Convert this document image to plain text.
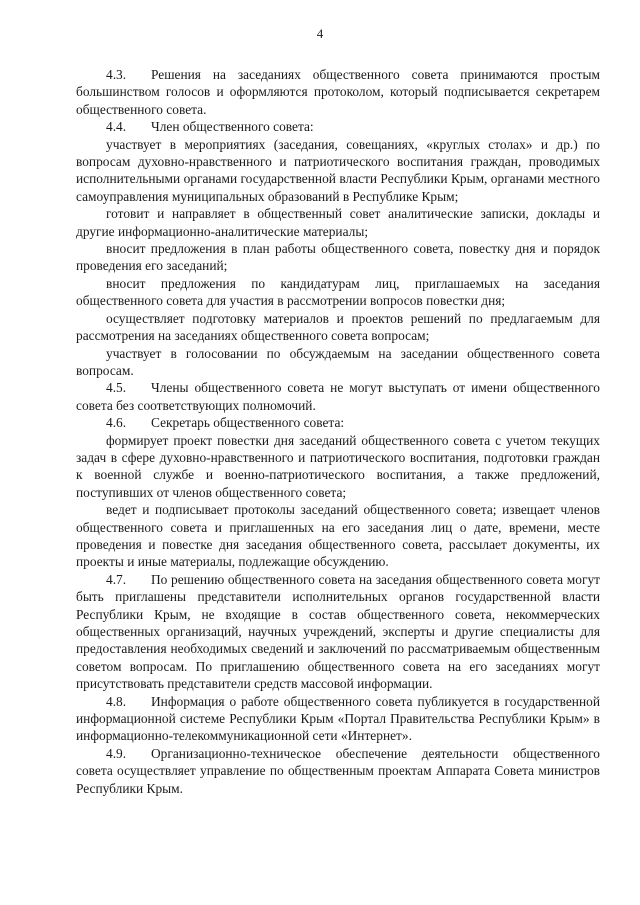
4

4.3. Решения на заседаниях общественного совета принимаются простым большинством голосов и оформляются протоколом, который подписывается секретарем общественного совета.

4.4. Член общественного совета:

участвует в мероприятиях (заседания, совещаниях, «круглых столах» и др.) по вопросам духовно-нравственного и патриотического воспитания граждан, проводимых исполнительными органами государственной власти Республики Крым, органами местного самоуправления муниципальных образований в Республике Крым;

готовит и направляет в общественный совет аналитические записки, доклады и другие информационно-аналитические материалы;

вносит предложения в план работы общественного совета, повестку дня и порядок проведения его заседаний;

вносит предложения по кандидатурам лиц, приглашаемых на заседания общественного совета для участия в рассмотрении вопросов повестки дня;

осуществляет подготовку материалов и проектов решений по предлагаемым для рассмотрения на заседаниях общественного совета вопросам;

участвует в голосовании по обсуждаемым на заседании общественного совета вопросам.

4.5. Члены общественного совета не могут выступать от имени общественного совета без соответствующих полномочий.

4.6. Секретарь общественного совета:

формирует проект повестки дня заседаний общественного совета с учетом текущих задач в сфере духовно-нравственного и патриотического воспитания, подготовки граждан к военной службе и военно-патриотического воспитания, а также предложений, поступивших от членов общественного совета;

ведет и подписывает протоколы заседаний общественного совета; извещает членов общественного совета и приглашенных на его заседания лиц о дате, времени, месте проведения и повестке дня заседания общественного совета, рассылает документы, их проекты и иные материалы, подлежащие обсуждению.

4.7. По решению общественного совета на заседания общественного совета могут быть приглашены представители исполнительных органов государственной власти Республики Крым, не входящие в состав общественного совета, некоммерческих общественных организаций, научных учреждений, эксперты и другие специалисты для предоставления необходимых сведений и заключений по рассматриваемым общественным советом вопросам. По приглашению общественного совета на его заседаниях могут присутствовать представители средств массовой информации.

4.8. Информация о работе общественного совета публикуется в государственной информационной системе Республики Крым «Портал Правительства Республики Крым» в информационно-телекоммуникационной сети «Интернет».

4.9. Организационно-техническое обеспечение деятельности общественного совета осуществляет управление по общественным проектам Аппарата Совета министров Республики Крым.
